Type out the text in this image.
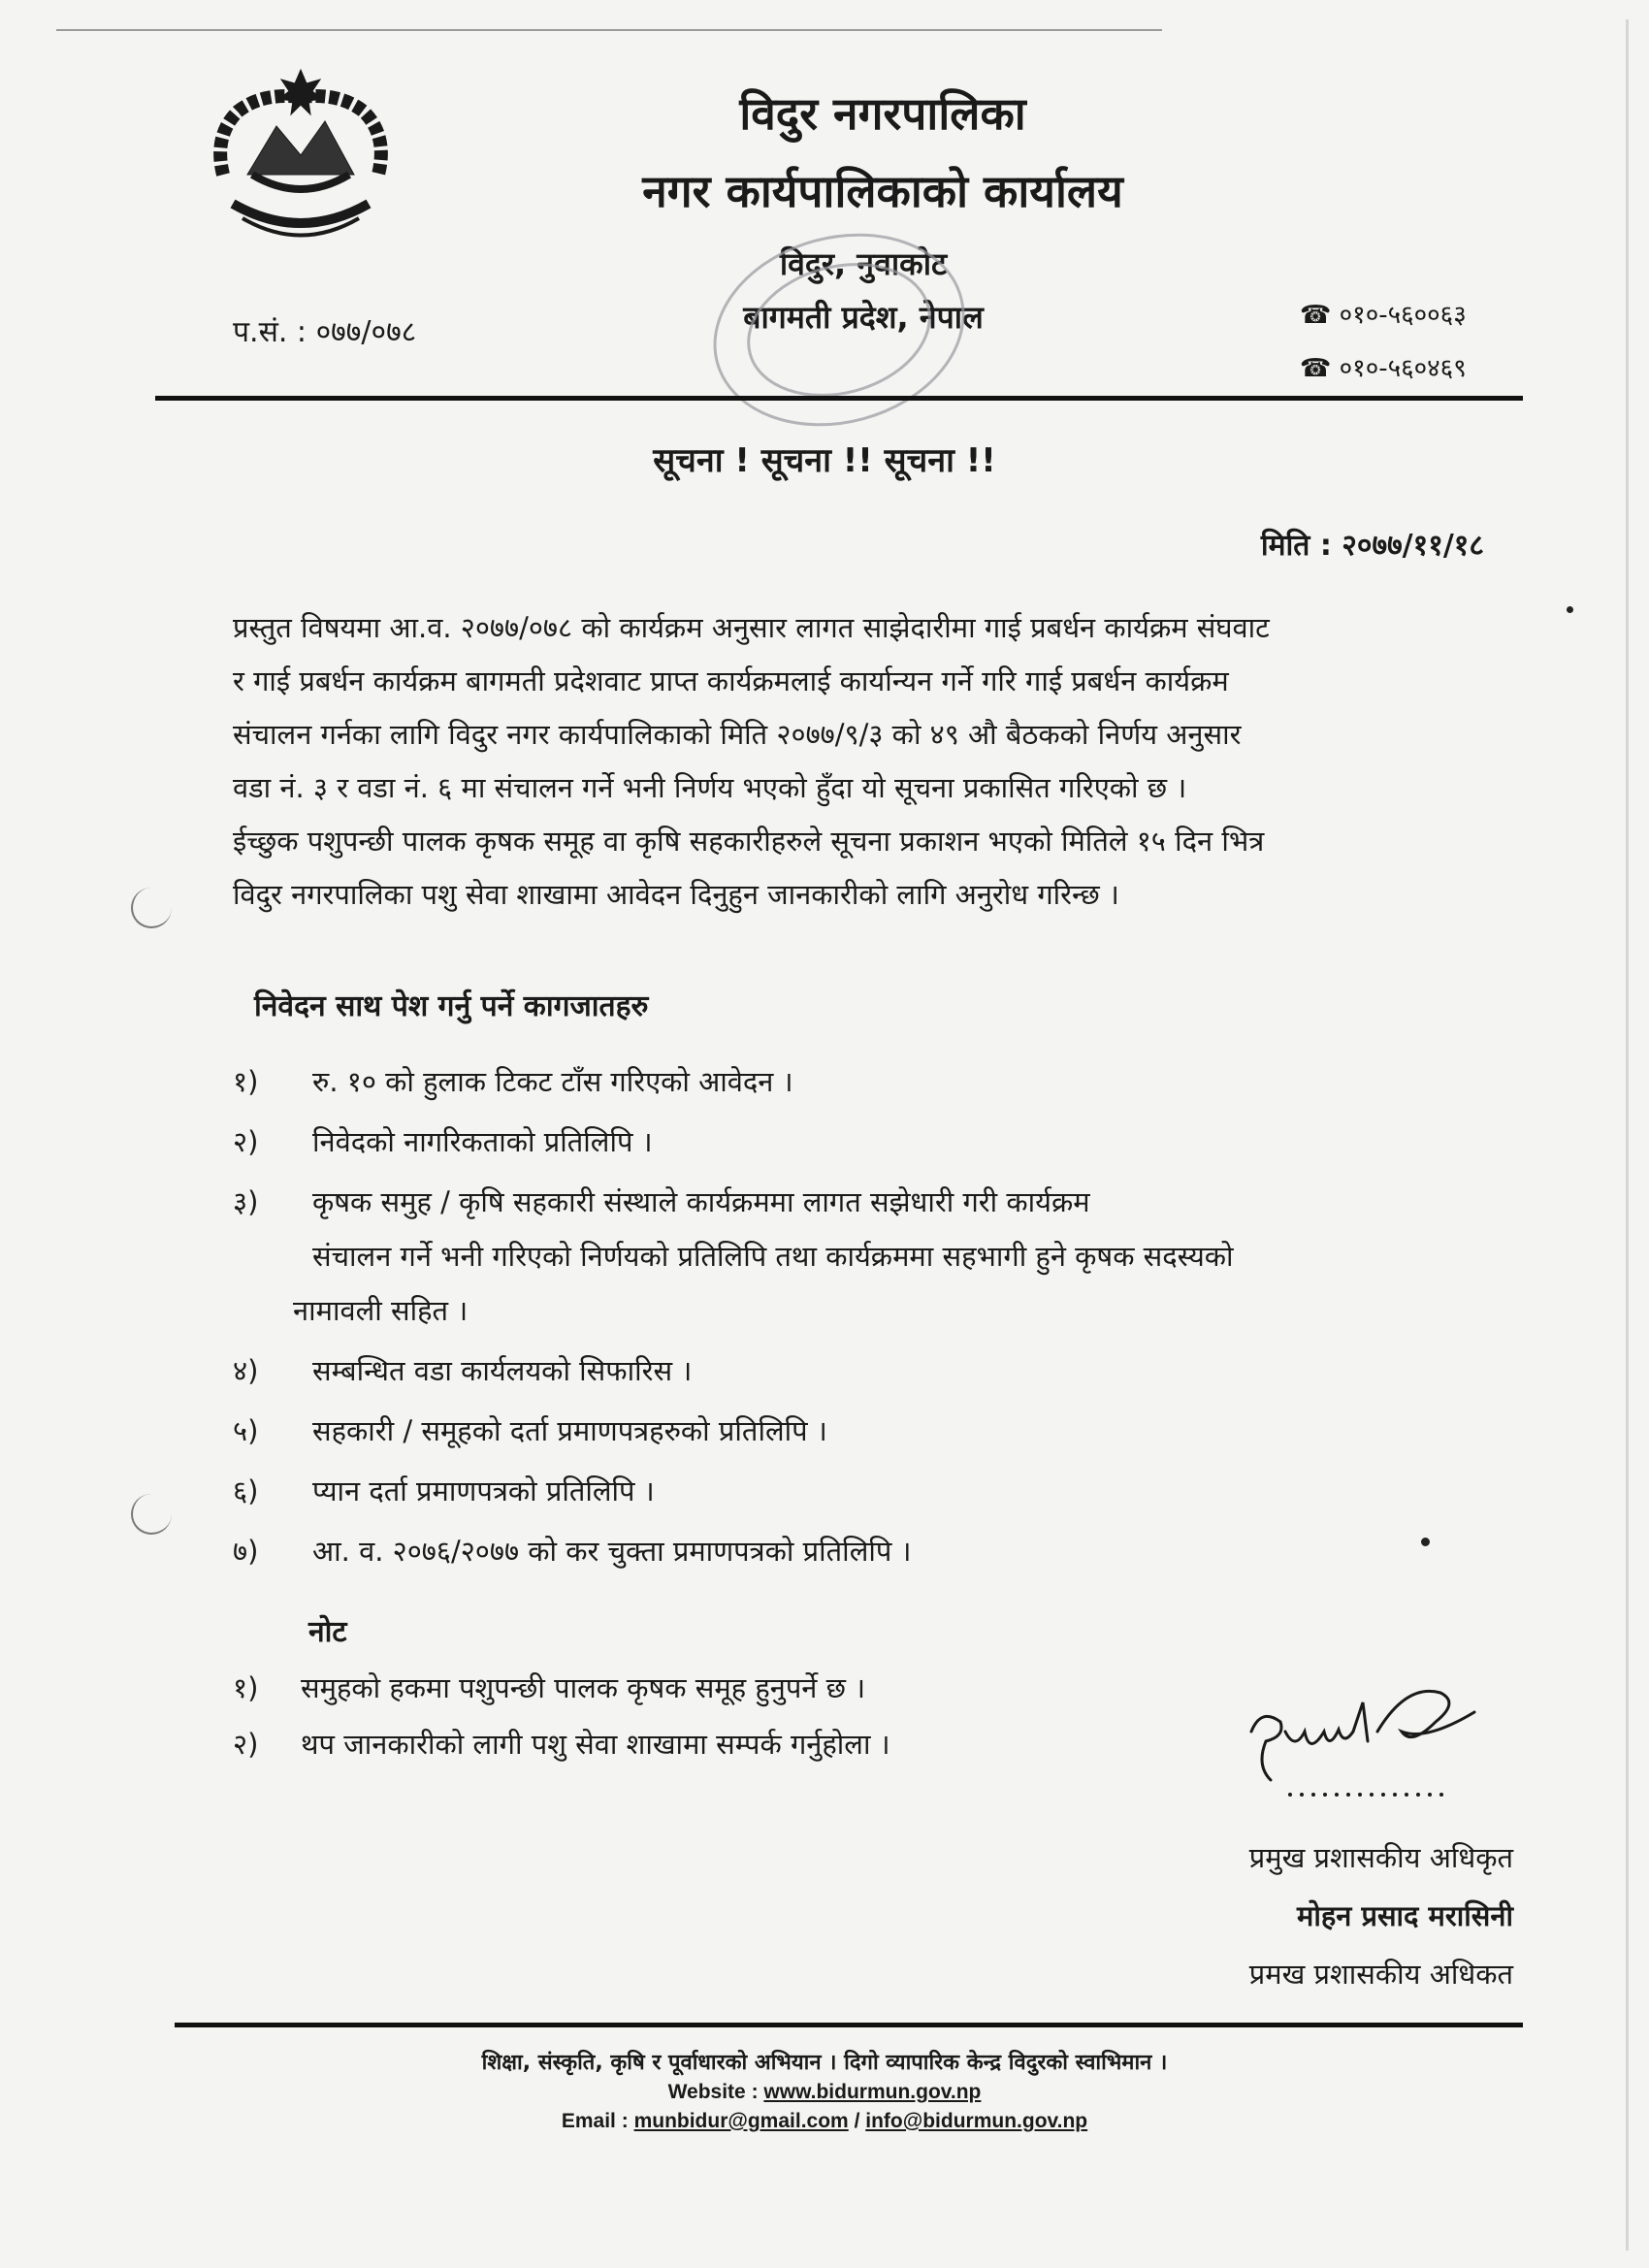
विदुर नगरपालिका
नगर कार्यपालिकाको कार्यालय
विदुर, नुवाकोट
बागमती प्रदेश, नेपाल
प.सं. : ०७७/०७८	☎ ०१०-५६००६३
☎ ०१०-५६०४६९
सूचना ! सूचना !! सूचना !!
मिति : २०७७/११/१८
प्रस्तुत विषयमा आ.व. २०७७/०७८ को कार्यक्रम अनुसार लागत साझेदारीमा गाई प्रबर्धन कार्यक्रम संघवाट
र गाई प्रबर्धन कार्यक्रम बागमती प्रदेशवाट प्राप्त कार्यक्रमलाई कार्यान्यन गर्ने गरि गाई प्रबर्धन कार्यक्रम
संचालन गर्नका लागि विदुर नगर कार्यपालिकाको मिति २०७७/९/३ को ४९ औ बैठकको निर्णय अनुसार
वडा नं. ३ र वडा नं. ६ मा संचालन गर्ने भनी निर्णय भएको हुँदा यो सूचना प्रकासित गरिएको छ ।
ईच्छुक पशुपन्छी पालक कृषक समूह वा कृषि सहकारीहरुले सूचना प्रकाशन भएको मितिले १५ दिन भित्र
विदुर नगरपालिका पशु सेवा शाखामा आवेदन दिनुहुन जानकारीको लागि अनुरोध गरिन्छ ।
निवेदन साथ पेश गर्नु पर्ने कागजातहरु
१)	रु. १० को हुलाक टिकट टाँस गरिएको आवेदन ।
२)	निवेदको नागरिकताको प्रतिलिपि ।
३)	कृषक समुह / कृषि सहकारी संस्थाले कार्यक्रममा लागत सझेधारी गरी कार्यक्रम
संचालन गर्ने भनी गरिएको निर्णयको प्रतिलिपि तथा कार्यक्रममा सहभागी हुने कृषक सदस्यको
नामावली सहित ।
४)	सम्बन्धित वडा कार्यलयको सिफारिस ।
५)	सहकारी / समूहको दर्ता प्रमाणपत्रहरुको प्रतिलिपि ।
६)	प्यान दर्ता प्रमाणपत्रको प्रतिलिपि ।
७)	आ. व. २०७६/२०७७ को कर चुक्ता प्रमाणपत्रको प्रतिलिपि ।
नोट
१) समुहको हकमा पशुपन्छी पालक कृषक समूह हुनुपर्ने छ ।
२) थप जानकारीको लागी पशु सेवा शाखामा सम्पर्क गर्नुहोला ।
प्रमुख प्रशासकीय अधिकृत
मोहन प्रसाद मरासिनी
प्रमख प्रशासकीय अधिकत
शिक्षा, संस्कृति, कृषि र पूर्वाधारको अभियान । दिगो व्यापारिक केन्द्र विदुरको स्वाभिमान ।
Website : www.bidurmun.gov.np
Email : munbidur@gmail.com / info@bidurmun.gov.np
